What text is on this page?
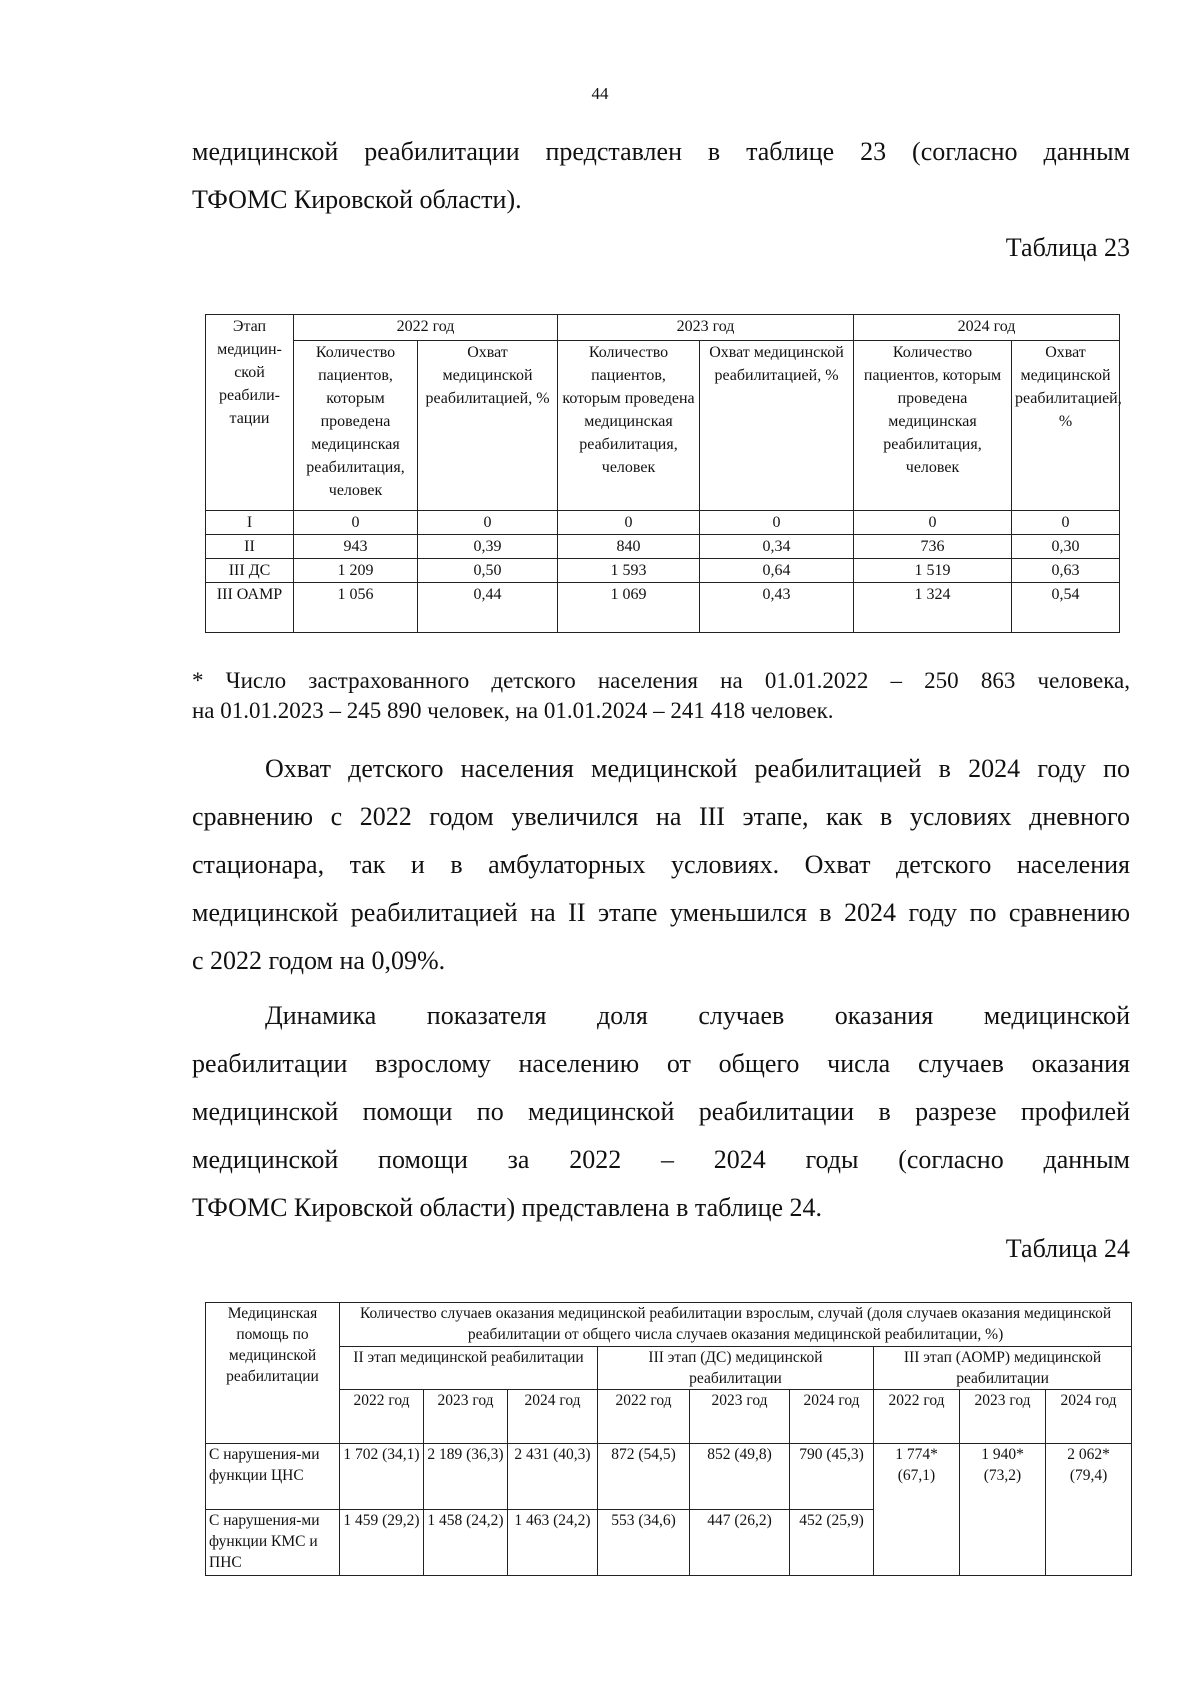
44
медицинской реабилитации представлен в таблице 23 (согласно данным
ТФОМС Кировской области).
Таблица 23
Этап медицин-ской реабили-тации	2022 год		2023 год		2024 год	
	Количество пациентов, которым проведена медицинская реабилитация, человек	Охват медицинской реабилитацией, %	Количество пациентов, которым проведена медицинская реабилитация, человек	Охват медицинской реабилитацией, %	Количество пациентов, которым проведена медицинская реабилитация, человек	Охват медицинской реабилитацией, %
I	0	0	0	0	0	0
II	943	0,39	840	0,34	736	0,30
III ДС	1 209	0,50	1 593	0,64	1 519	0,63
III ОАМР	1 056	0,44	1 069	0,43	1 324	0,54
* Число застрахованного детского населения на 01.01.2022 – 250 863 человека,
на 01.01.2023 – 245 890 человек, на 01.01.2024 – 241 418 человек.
Охват детского населения медицинской реабилитацией в 2024 году по
сравнению с 2022 годом увеличился на III этапе, как в условиях дневного
стационара, так и в амбулаторных условиях. Охват детского населения
медицинской реабилитацией на II этапе уменьшился в 2024 году по сравнению
с 2022 годом на 0,09%.
Динамика показателя доля случаев оказания медицинской
реабилитации взрослому населению от общего числа случаев оказания
медицинской помощи по медицинской реабилитации в разрезе профилей
медицинской помощи за 2022 – 2024 годы (согласно данным
ТФОМС Кировской области) представлена в таблице 24.
Таблица 24
Медицинская помощь по медицинской реабилитации	Количество случаев оказания медицинской реабилитации взрослым, случай (доля случаев оказания медицинской реабилитации от общего числа случаев оказания медицинской реабилитации, %)								
	II этап медицинской реабилитации			III этап (ДС) медицинской реабилитации			III этап (АОМР) медицинской реабилитации		
	2022 год	2023 год	2024 год	2022 год	2023 год	2024 год	2022 год	2023 год	2024 год
С нарушения-ми функции ЦНС	1 702 (34,1)	2 189 (36,3)	2 431 (40,3)	872 (54,5)	852 (49,8)	790 (45,3)	1 774* (67,1)	1 940* (73,2)	2 062* (79,4)
С нарушения-ми функции КМС и ПНС	1 459 (29,2)	1 458 (24,2)	1 463 (24,2)	553 (34,6)	447 (26,2)	452 (25,9)			
